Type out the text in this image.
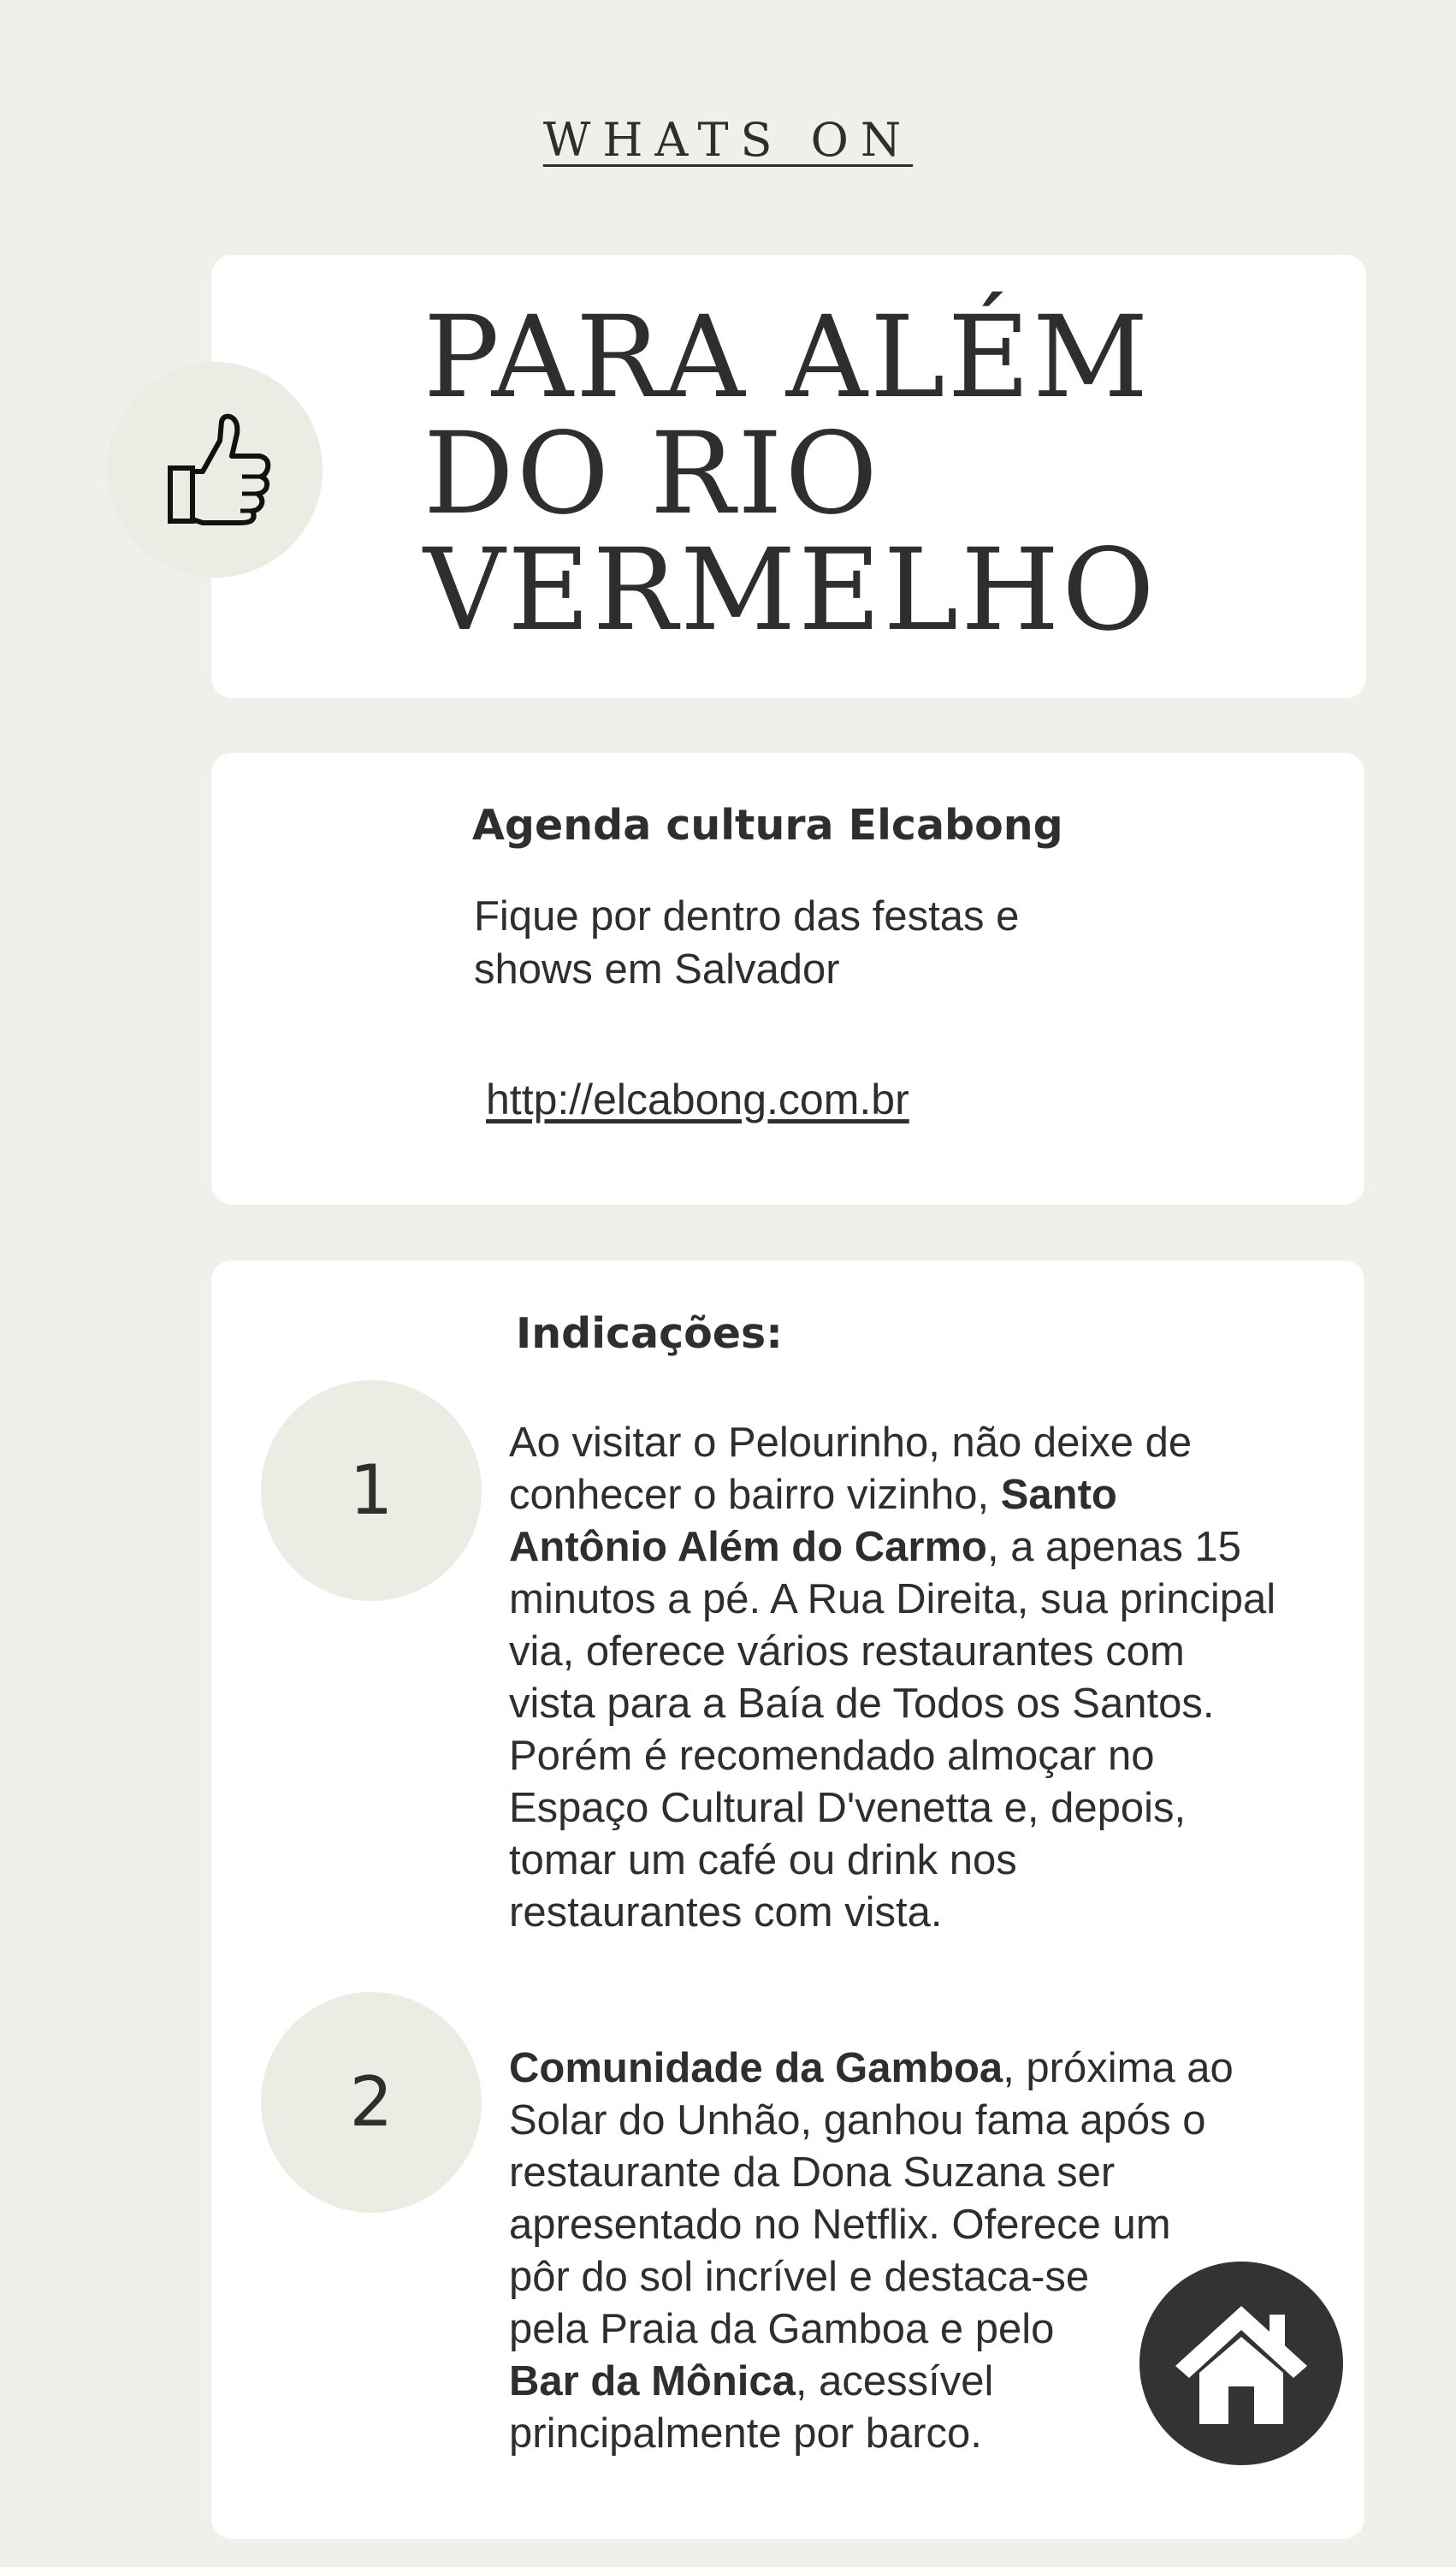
WHATS ON
PARA ALÉM
DO RIO
VERMELHO
Agenda cultura Elcabong
Fique por dentro das festas e
shows em Salvador
http://elcabong.com.br
Indicações:
1
Ao visitar o Pelourinho, não deixe de
conhecer o bairro vizinho, Santo
Antônio Além do Carmo, a apenas 15
minutos a pé. A Rua Direita, sua principal
via, oferece vários restaurantes com
vista para a Baía de Todos os Santos.
Porém é recomendado almoçar no
Espaço Cultural D'venetta e, depois,
tomar um café ou drink nos
restaurantes com vista.
2	Comunidade da Gamboa, próxima ao
Solar do Unhão, ganhou fama após o
restaurante da Dona Suzana ser
apresentado no Netflix. Oferece um
pôr do sol incrível e destaca-se
pela Praia da Gamboa e pelo
Bar da Mônica, acessível
principalmente por barco.
